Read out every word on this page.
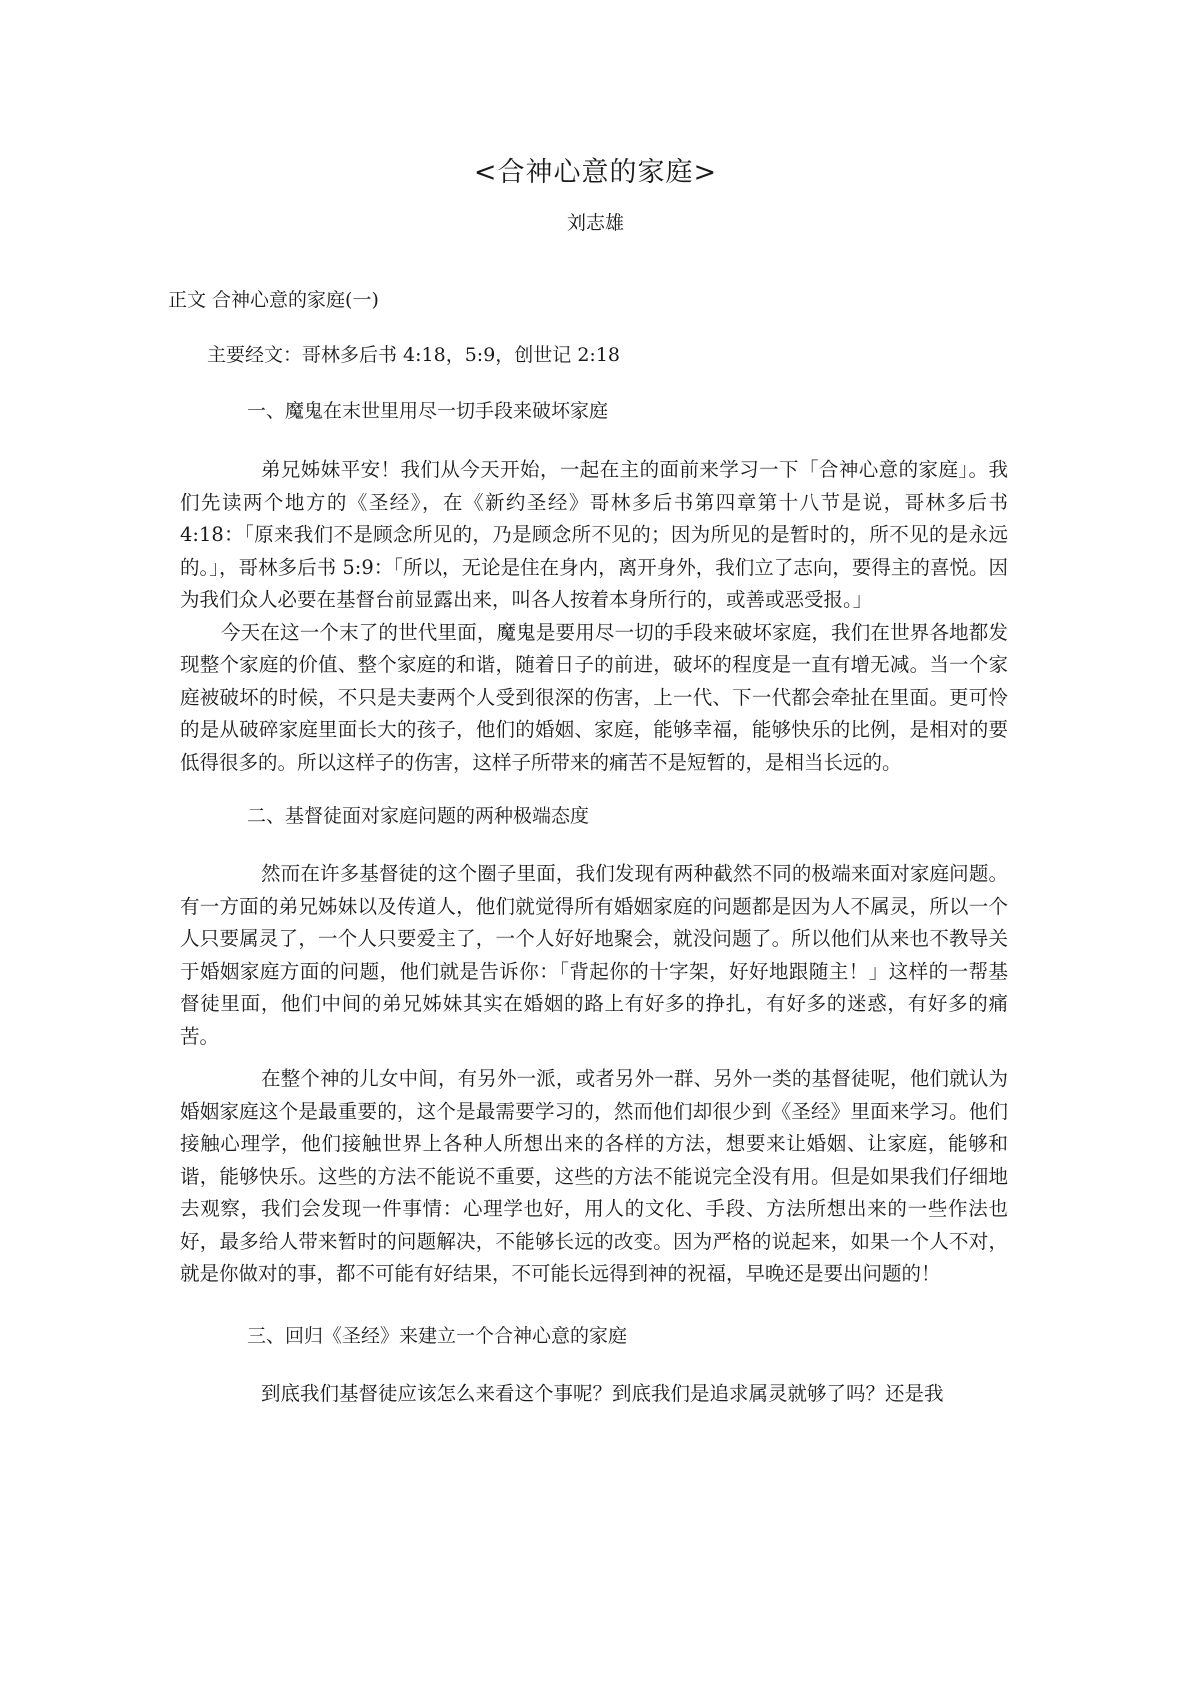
<合神心意的家庭>
刘志雄
正文 合神心意的家庭(一)
主要经文：哥林多后书 4:18，5:9，创世记 2:18
一、魔鬼在末世里用尽一切手段来破坏家庭

弟兄姊妹平安！我们从今天开始，一起在主的面前来学习一下「合神心意的家庭」。我们先读两个地方的《圣经》，在《新约圣经》哥林多后书第四章第十八节是说，哥林多后书 4:18：「原来我们不是顾念所见的，乃是顾念所不见的；因为所见的是暂时的，所不见的是永远的。」，哥林多后书 5:9：「所以，无论是住在身内，离开身外，我们立了志向，要得主的喜悦。因为我们众人必要在基督台前显露出来，叫各人按着本身所行的，或善或恶受报。」

今天在这一个末了的世代里面，魔鬼是要用尽一切的手段来破坏家庭，我们在世界各地都发现整个家庭的价值、整个家庭的和谐，随着日子的前进，破坏的程度是一直有增无减。当一个家庭被破坏的时候，不只是夫妻两个人受到很深的伤害，上一代、下一代都会牵扯在里面。更可怜的是从破碎家庭里面长大的孩子，他们的婚姻、家庭，能够幸福，能够快乐的比例，是相对的要低得很多的。所以这样子的伤害，这样子所带来的痛苦不是短暂的，是相当长远的。

二、基督徒面对家庭问题的两种极端态度

然而在许多基督徒的这个圈子里面，我们发现有两种截然不同的极端来面对家庭问题。有一方面的弟兄姊妹以及传道人，他们就觉得所有婚姻家庭的问题都是因为人不属灵，所以一个人只要属灵了，一个人只要爱主了，一个人好好地聚会，就没问题了。所以他们从来也不教导关于婚姻家庭方面的问题，他们就是告诉你：「背起你的十字架，好好地跟随主！」这样的一帮基督徒里面，他们中间的弟兄姊妹其实在婚姻的路上有好多的挣扎，有好多的迷惑，有好多的痛苦。

在整个神的儿女中间，有另外一派，或者另外一群、另外一类的基督徒呢，他们就认为婚姻家庭这个是最重要的，这个是最需要学习的，然而他们却很少到《圣经》里面来学习。他们接触心理学，他们接触世界上各种人所想出来的各样的方法，想要来让婚姻、让家庭，能够和谐，能够快乐。这些的方法不能说不重要，这些的方法不能说完全没有用。但是如果我们仔细地去观察，我们会发现一件事情：心理学也好，用人的文化、手段、方法所想出来的一些作法也好，最多给人带来暂时的问题解决，不能够长远的改变。因为严格的说起来，如果一个人不对，就是你做对的事，都不可能有好结果，不可能长远得到神的祝福，早晚还是要出问题的！

三、回归《圣经》来建立一个合神心意的家庭

到底我们基督徒应该怎么来看这个事呢？到底我们是追求属灵就够了吗？还是我
